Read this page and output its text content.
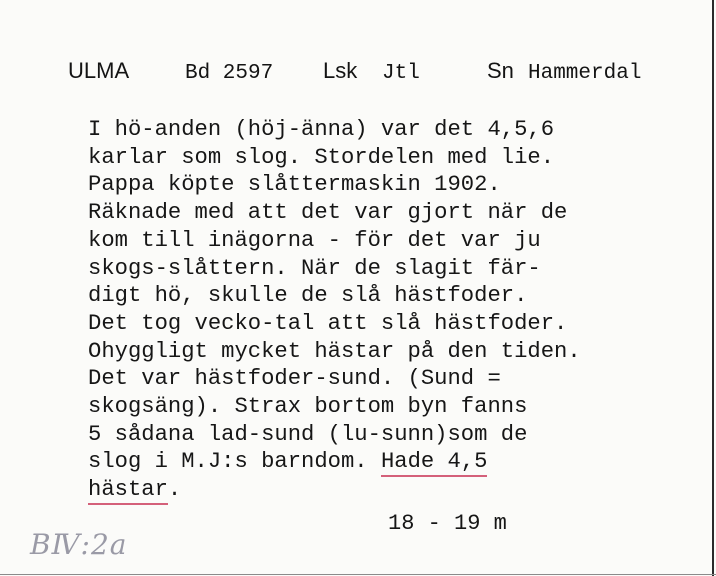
ULMA	Bd 2597 Lsk Jtl	Sn Hammerdal
I hö-anden (höj-änna) var det 4,5,6
karlar som slog. Stordelen med lie.
Pappa köpte slåttermaskin 1902.
Räknade med att det var gjort när de
kom till inägorna - för det var ju
skogs-slåttern. När de slagit fär-
digt hö, skulle de slå hästfoder.
Det tog vecko-tal att slå hästfoder.
Ohyggligt mycket hästar på den tiden.
Det var hästfoder-sund. (Sund =
skogsäng). Strax bortom byn fanns
5 sådana lad-sund (lu-sunn)som de
slog i M.J:s barndom. Hade 4,5
hästar.
18 - 19 m
BⅣ:2a
